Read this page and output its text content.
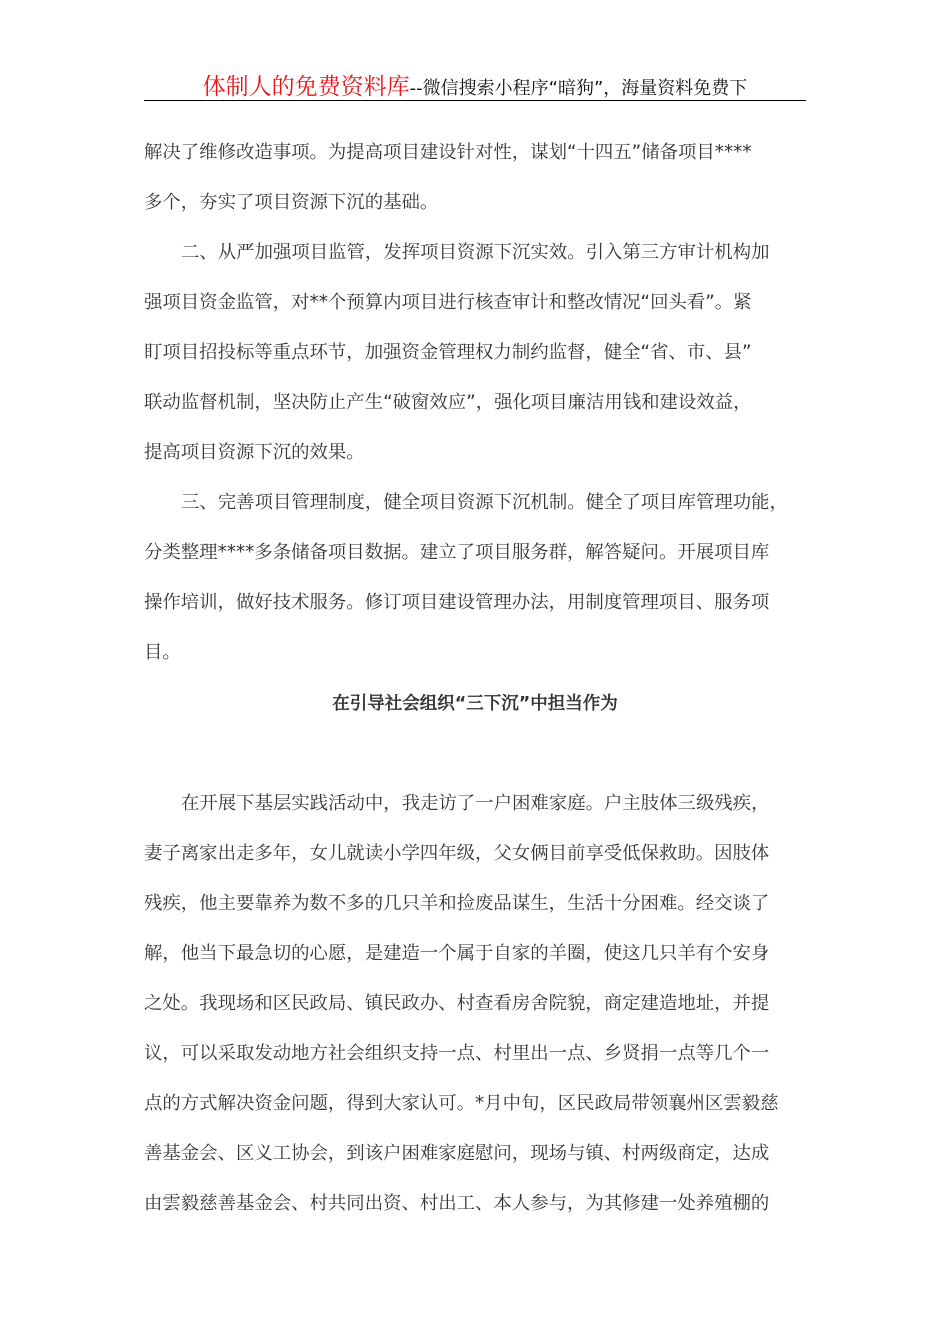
体制人的免费资料库--微信搜索小程序“暗狗”，海量资料免费下
解决了维修改造事项。为提高项目建设针对性，谋划“十四五”储备项目****
多个，夯实了项目资源下沉的基础。
二、从严加强项目监管，发挥项目资源下沉实效。引入第三方审计机构加
强项目资金监管，对**个预算内项目进行核查审计和整改情况“回头看”。紧
盯项目招投标等重点环节，加强资金管理权力制约监督，健全“省、市、县”
联动监督机制，坚决防止产生“破窗效应”，强化项目廉洁用钱和建设效益，
提高项目资源下沉的效果。
三、完善项目管理制度，健全项目资源下沉机制。健全了项目库管理功能，
分类整理****多条储备项目数据。建立了项目服务群，解答疑问。开展项目库
操作培训，做好技术服务。修订项目建设管理办法，用制度管理项目、服务项
目。
在引导社会组织“三下沉”中担当作为
在开展下基层实践活动中，我走访了一户困难家庭。户主肢体三级残疾，
妻子离家出走多年，女儿就读小学四年级，父女俩目前享受低保救助。因肢体
残疾，他主要靠养为数不多的几只羊和捡废品谋生，生活十分困难。经交谈了
解，他当下最急切的心愿，是建造一个属于自家的羊圈，使这几只羊有个安身
之处。我现场和区民政局、镇民政办、村查看房舍院貌，商定建造地址，并提
议，可以采取发动地方社会组织支持一点、村里出一点、乡贤捐一点等几个一
点的方式解决资金问题，得到大家认可。*月中旬，区民政局带领襄州区雲毅慈
善基金会、区义工协会，到该户困难家庭慰问，现场与镇、村两级商定，达成
由雲毅慈善基金会、村共同出资、村出工、本人参与，为其修建一处养殖棚的
